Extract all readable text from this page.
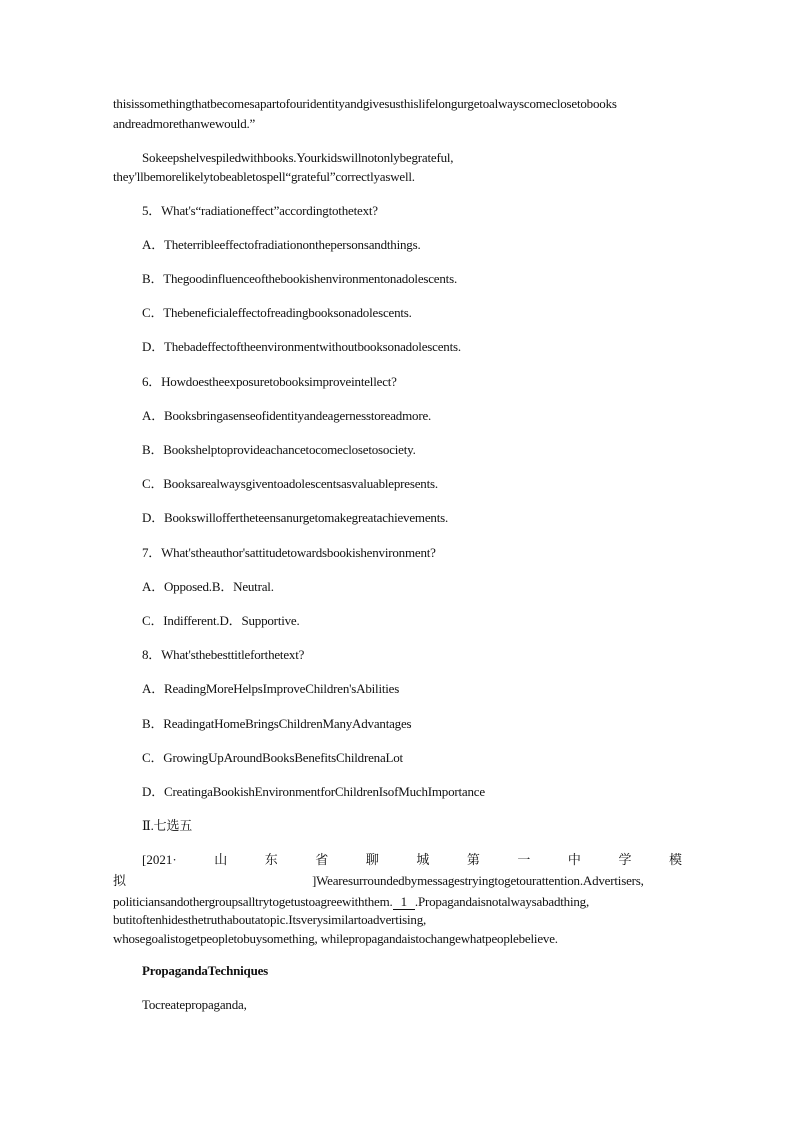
thisissomethingthatbecomesapartofouridentityandgivesusthislifelongurgetoalwayscomeclosetobooks
andreadmorethanwewould.”
Sokeepshelvespiledwithbooks.Yourkidswillnotonlybegrateful,
they'llbemorelikelytobeabletospell“grateful”correctlyaswell.
5．What's“radiationeffect”accordingtothetext?
A．Theterribleeffectofradiationonthepersonsandthings.
B．Thegoodinfluenceofthebookishenvironmentonadolescents.
C．Thebeneficialeffectofreadingbooksonadolescents.
D．Thebadeffectoftheenvironmentwithoutbooksonadolescents.
6．Howdoestheexposuretobooksimproveintellect?
A．Booksbringasenseofidentityandeagernesstoreadmore.
B．Bookshelptoprovideachancetocomeclosetosociety.
C．Booksarealwaysgiventoadolescentsasvaluablepresents.
D．Bookswilloffertheteensanurgetomakegreatachievements.
7．What'stheauthor'sattitudetowardsbookishenvironment?
A．Opposed.B．Neutral.
C．Indifferent.D．Supportive.
8．What'sthebesttitleforthetext?
A．ReadingMoreHelpsImproveChildren'sAbilities
B．ReadingatHomeBringsChildrenManyAdvantages
C．GrowingUpAroundBooksBenefitsChildrenaLot
D．CreatingaBookishEnvironmentforChildrenIsofMuchImportance
Ⅱ.七选五
[2021·	山	东	省	聊	城	第	一	中	学	模
拟	]Wearesurroundedbymessagestryingtogetourattention.Advertisers,
politiciansandothergroupsalltrytogetustoagreewiththem. 1 .Propagandaisnotalwaysabadthing,
butitoftenhidesthetruthaboutatopic.Itsverysimilartoadvertising,
whosegoalistogetpeopletobuysomething, whilepropagandaistochangewhatpeoplebelieve.
PropagandaTechniques
Tocreatepropaganda,
